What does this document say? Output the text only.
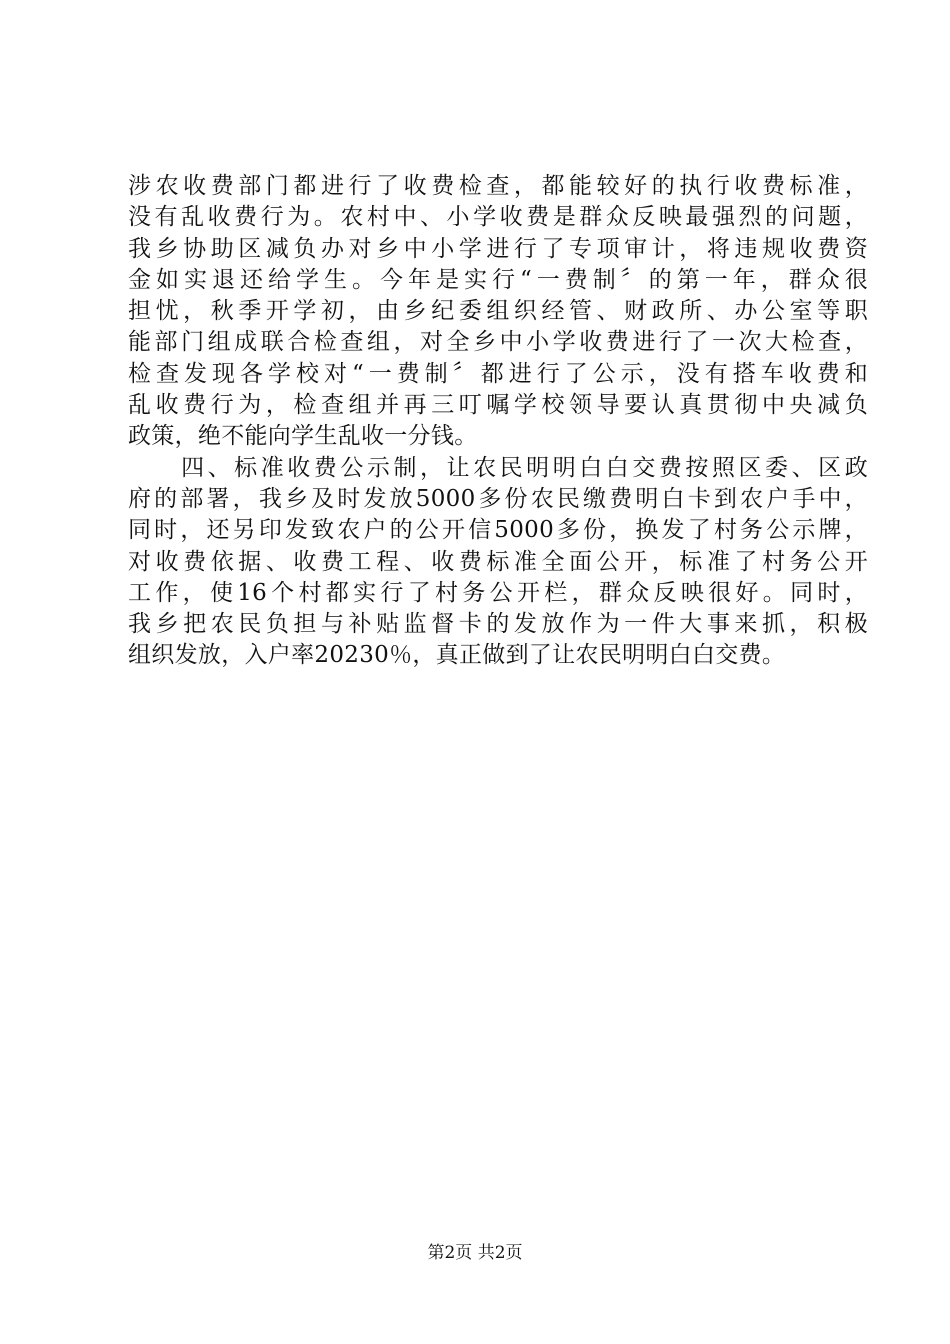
涉农收费部门都进行了收费检查，都能较好的执行收费标准，
没有乱收费行为。农村中、小学收费是群众反映最强烈的问题，
我乡协助区减负办对乡中小学进行了专项审计，将违规收费资
金如实退还给学生。今年是实行“一费制〞的第一年，群众很
担忧，秋季开学初，由乡纪委组织经管、财政所、办公室等职
能部门组成联合检查组，对全乡中小学收费进行了一次大检查，
检查发现各学校对“一费制〞都进行了公示，没有搭车收费和
乱收费行为，检查组并再三叮嘱学校领导要认真贯彻中央减负
政策，绝不能向学生乱收一分钱。
　　四、标准收费公示制，让农民明明白白交费按照区委、区政
府的部署，我乡及时发放5000多份农民缴费明白卡到农户手中，
同时，还另印发致农户的公开信5000多份，换发了村务公示牌，
对收费依据、收费工程、收费标准全面公开，标准了村务公开
工作，使16个村都实行了村务公开栏，群众反映很好。同时，
我乡把农民负担与补贴监督卡的发放作为一件大事来抓，积极
组织发放，入户率20230％，真正做到了让农民明明白白交费。
第2页 共2页
